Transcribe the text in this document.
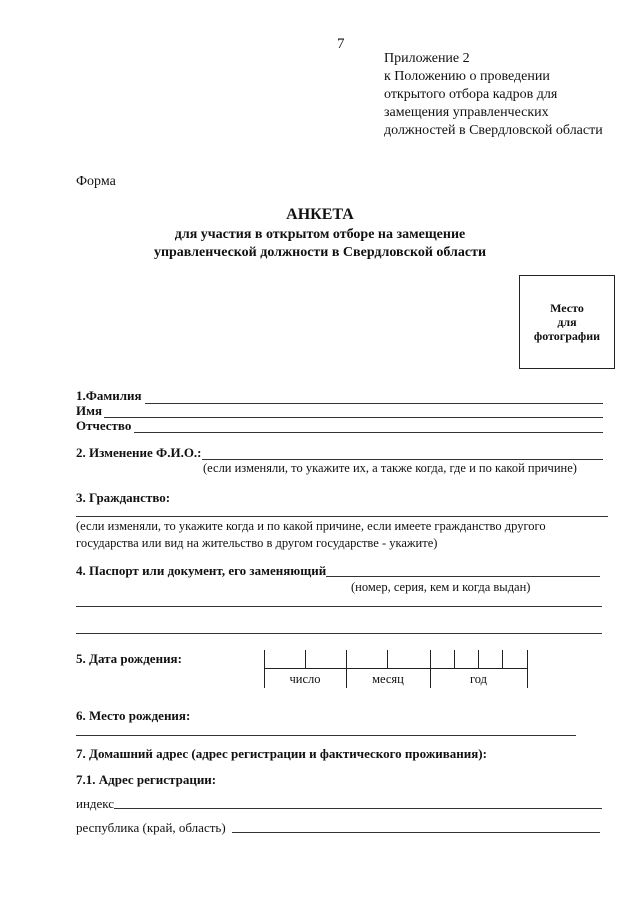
7
Приложение 2
к Положению о проведении
открытого отбора кадров для
замещения управленческих
должностей в Свердловской области
Форма
АНКЕТА
для участия в открытом отборе на замещение
управленческой должности в Свердловской области
Место
для
фотографии
1.Фамилия
Имя
Отчество
2. Изменение Ф.И.О.:
(если изменяли, то укажите их, а также когда, где и по какой причине)
3. Гражданство:
(если изменяли, то укажите когда и по какой причине, если имеете гражданство другого
государства или вид на жительство в другом государстве - укажите)
4. Паспорт или документ, его заменяющий
(номер, серия, кем и когда выдан)
5. Дата рождения:
число	месяц	год
6. Место рождения:
7. Домашний адрес (адрес регистрации и фактического проживания):
7.1. Адрес регистрации:
индекс
республика (край, область)
